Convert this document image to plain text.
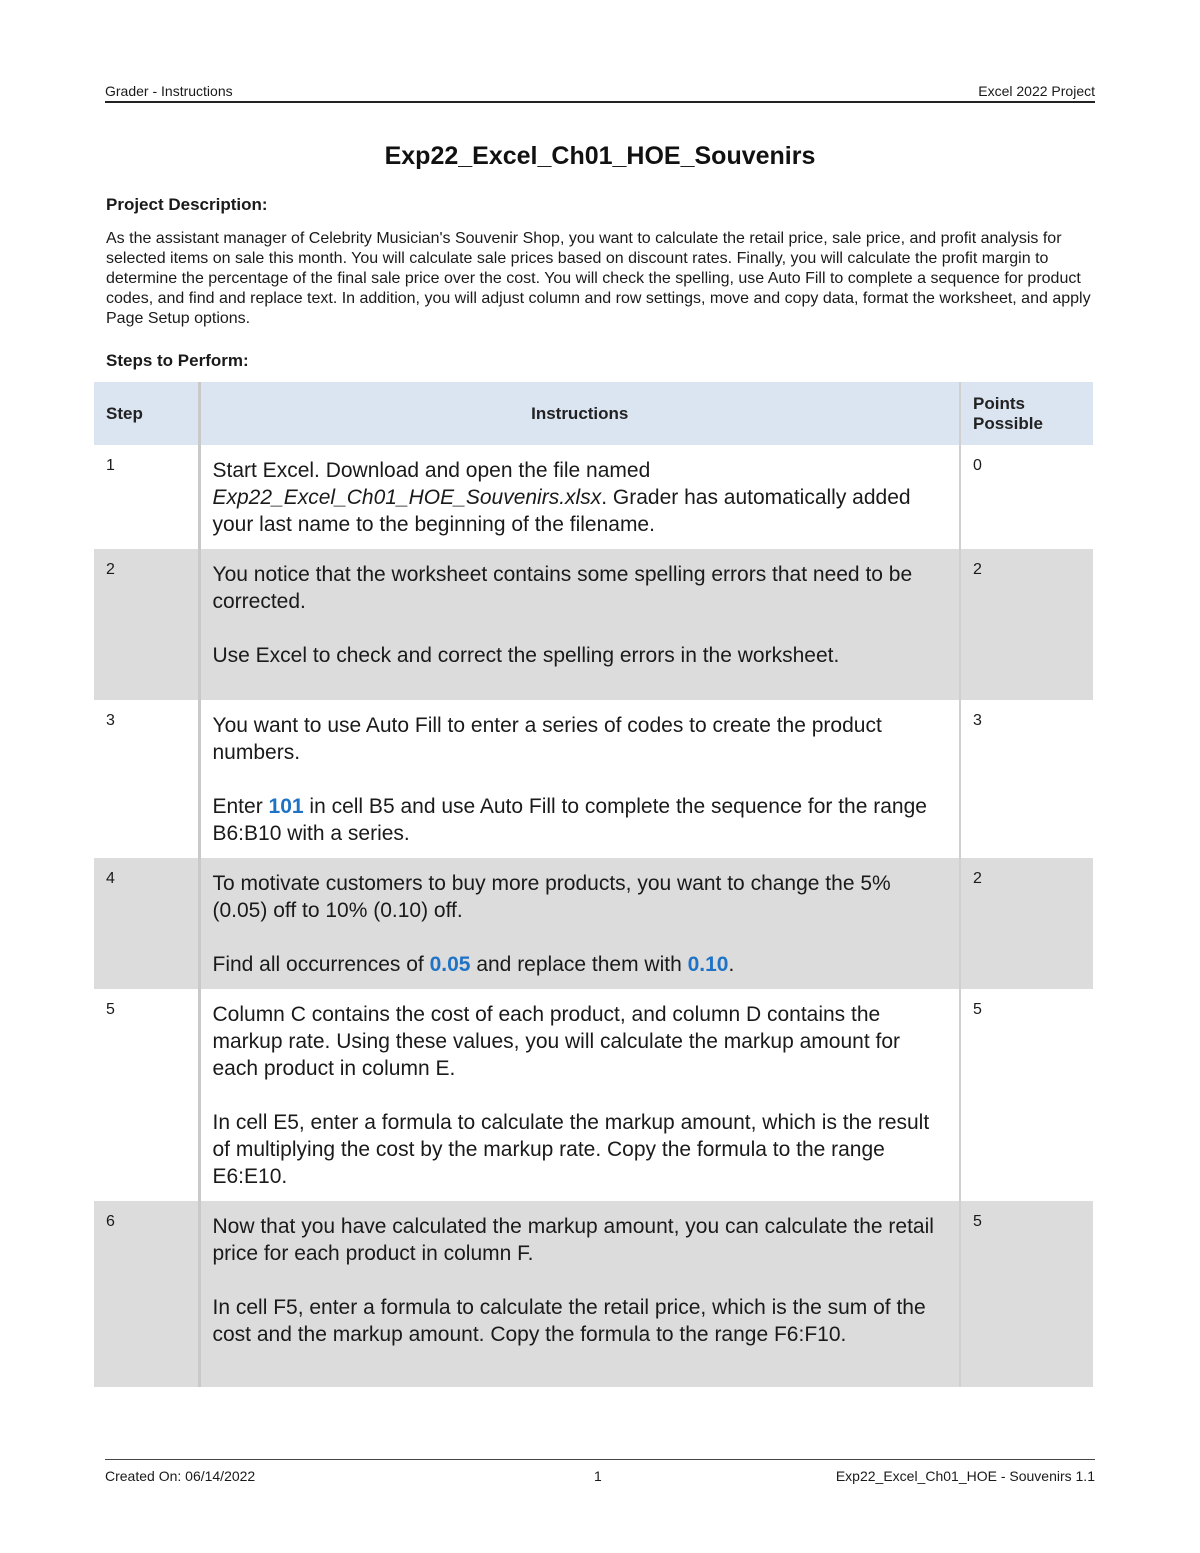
Grader - Instructions	Excel 2022 Project
Exp22_Excel_Ch01_HOE_Souvenirs
Project Description:
As the assistant manager of Celebrity Musician's Souvenir Shop, you want to calculate the retail price, sale price, and profit analysis for selected items on sale this month. You will calculate sale prices based on discount rates. Finally, you will calculate the profit margin to determine the percentage of the final sale price over the cost. You will check the spelling, use Auto Fill to complete a sequence for product codes, and find and replace text. In addition, you will adjust column and row settings, move and copy data, format the worksheet, and apply Page Setup options.
Steps to Perform:
Step	Instructions	Points Possible
1	Start Excel. Download and open the file named Exp22_Excel_Ch01_HOE_Souvenirs.xlsx. Grader has automatically added your last name to the beginning of the filename.	0
2	You notice that the worksheet contains some spelling errors that need to be corrected.

Use Excel to check and correct the spelling errors in the worksheet.	2
3	You want to use Auto Fill to enter a series of codes to create the product numbers.

Enter 101 in cell B5 and use Auto Fill to complete the sequence for the range B6:B10 with a series.	3
4	To motivate customers to buy more products, you want to change the 5% (0.05) off to 10% (0.10) off.

Find all occurrences of 0.05 and replace them with 0.10.	2
5	Column C contains the cost of each product, and column D contains the markup rate. Using these values, you will calculate the markup amount for each product in column E.

In cell E5, enter a formula to calculate the markup amount, which is the result of multiplying the cost by the markup rate. Copy the formula to the range E6:E10.	5
6	Now that you have calculated the markup amount, you can calculate the retail price for each product in column F.

In cell F5, enter a formula to calculate the retail price, which is the sum of the cost and the markup amount. Copy the formula to the range F6:F10.	5
Created On: 06/14/2022	1	Exp22_Excel_Ch01_HOE - Souvenirs 1.1
